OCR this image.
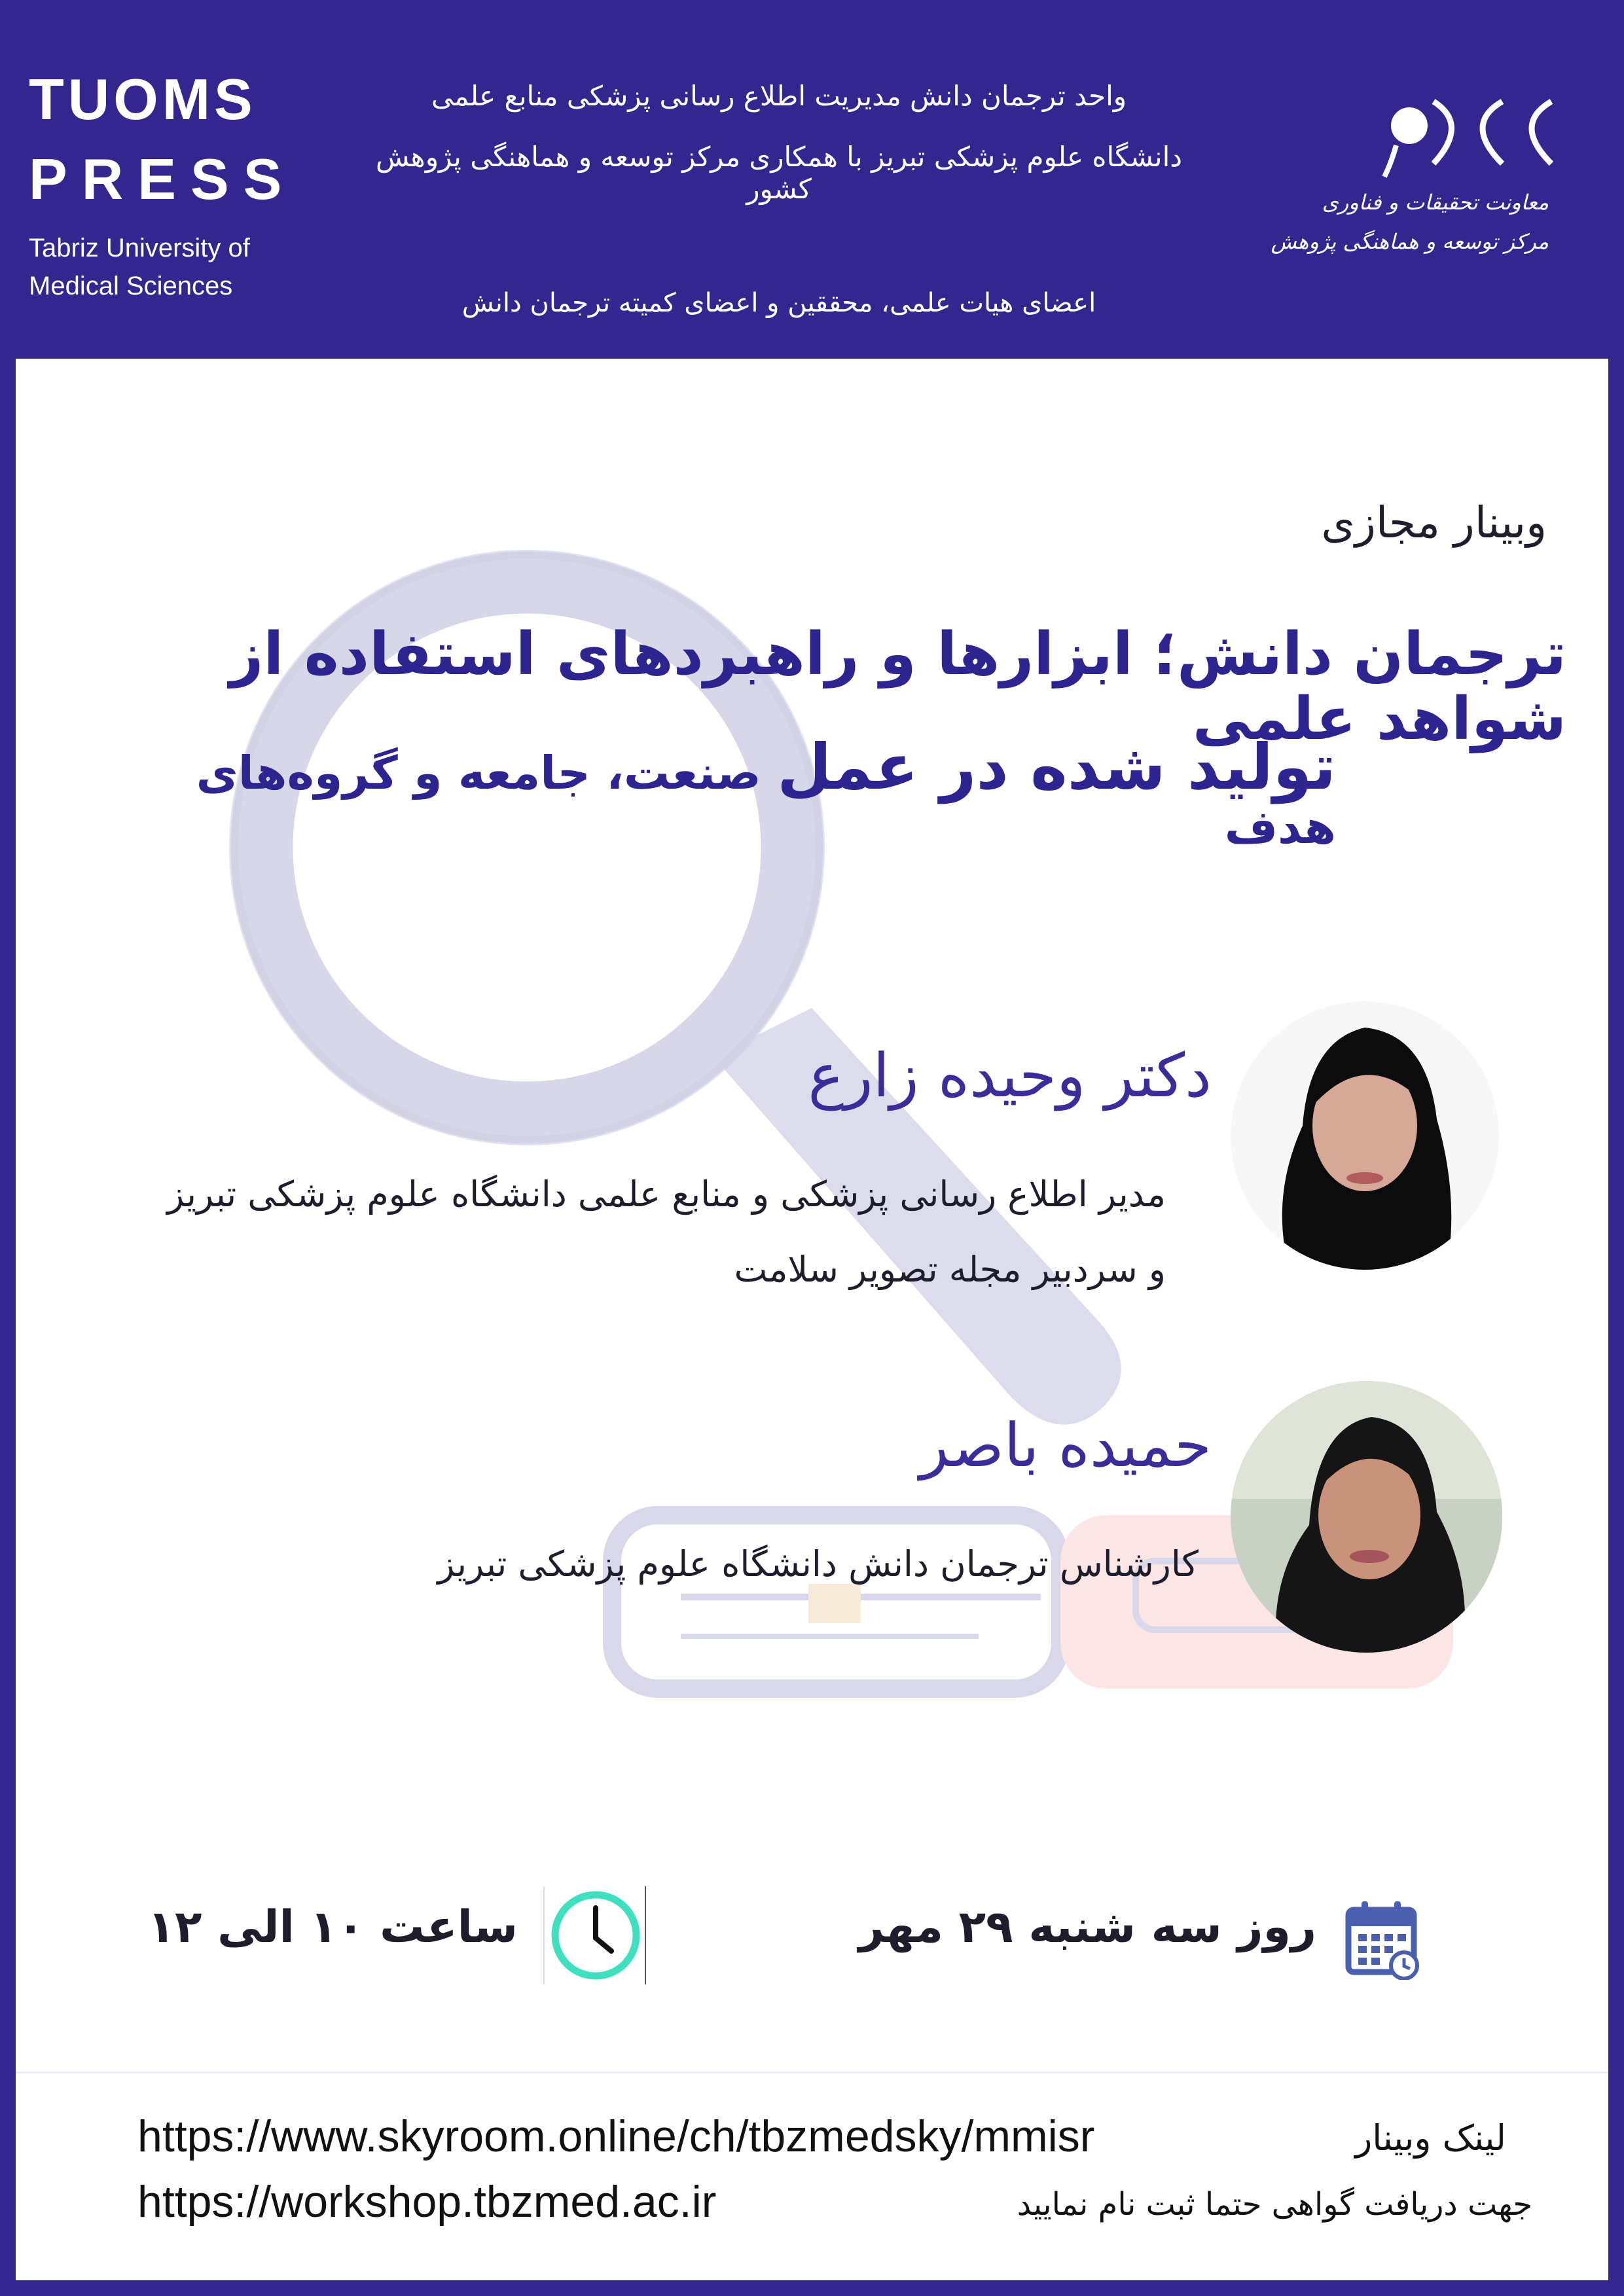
TUOMS
PRESS
Tabriz University of Medical Sciences
واحد ترجمان دانش مدیریت اطلاع رسانی پزشکی منابع علمی
دانشگاه علوم پزشکی تبریز با همکاری مرکز توسعه و هماهنگی پژوهش کشور
اعضای هیات علمی، محققین و اعضای کمیته ترجمان دانش
معاونت تحقیقات و فناوری
مرکز توسعه و هماهنگی پژوهش
وبینار مجازی
ترجمان دانش؛ ابزارها و راهبردهای استفاده از شواهد علمی
تولید شده در عمل صنعت، جامعه و گروه‌های هدف
دکتر وحیده زارع
مدیر اطلاع رسانی پزشکی و منابع علمی دانشگاه علوم پزشکی تبریز
و سردبیر مجله تصویر سلامت
حمیده باصر
کارشناس ترجمان دانش دانشگاه علوم پزشکی تبریز
روز سه شنبه ۲۹ مهر
ساعت ۱۰ الی ۱۲
https://www.skyroom.online/ch/tbzmedsky/mmisr
https://workshop.tbzmed.ac.ir
لینک وبینار
جهت دریافت گواهی حتما ثبت نام نمایید
